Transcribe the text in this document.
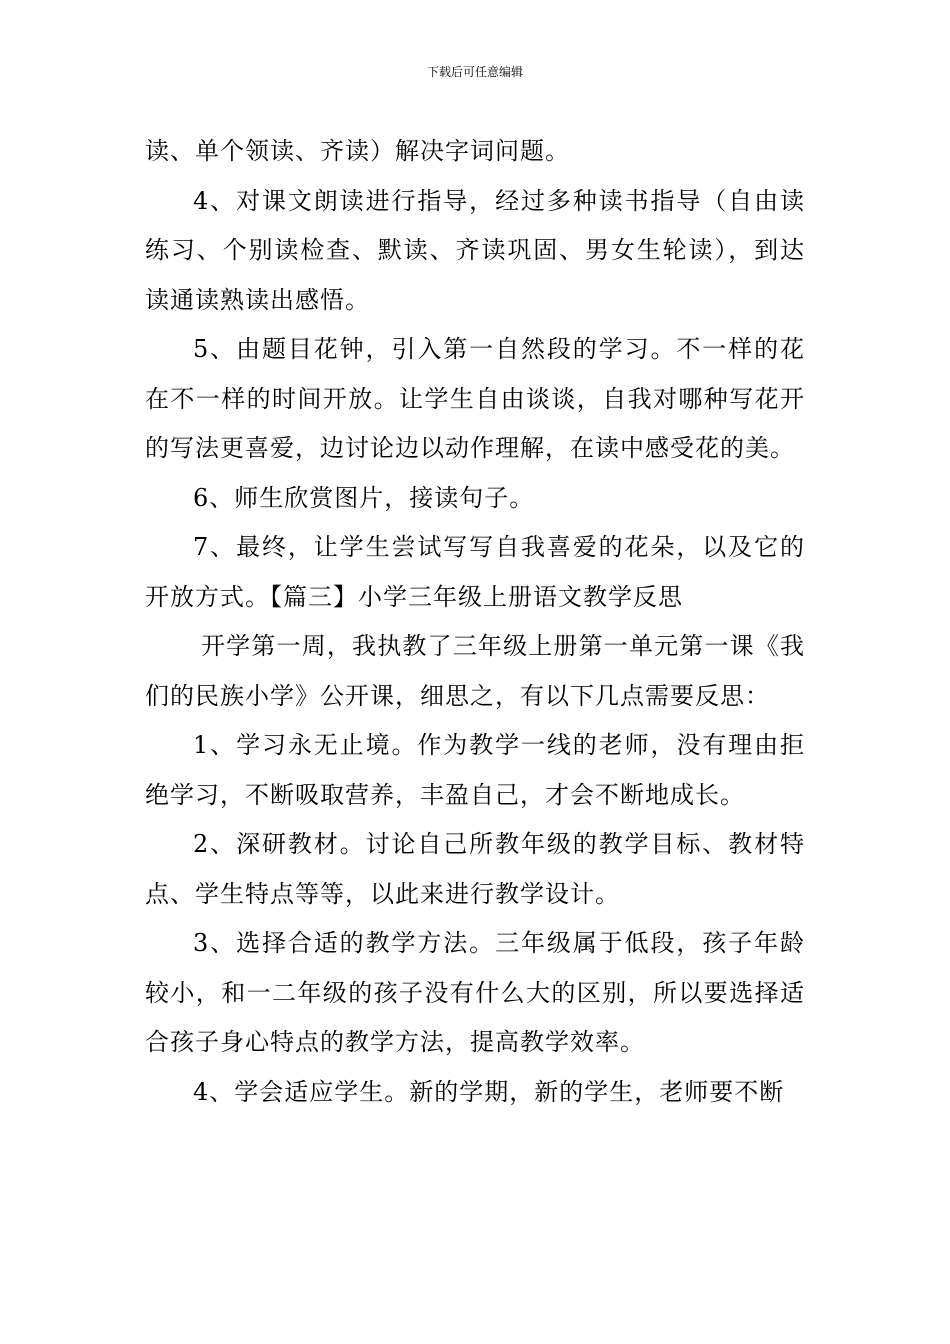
下载后可任意编辑

读、单个领读、齐读）解决字词问题。

4、对课文朗读进行指导，经过多种读书指导（自由读练习、个别读检查、默读、齐读巩固、男女生轮读），到达读通读熟读出感悟。

5、由题目花钟，引入第一自然段的学习。不一样的花在不一样的时间开放。让学生自由谈谈，自我对哪种写花开的写法更喜爱，边讨论边以动作理解，在读中感受花的美。

6、师生欣赏图片，接读句子。

7、最终，让学生尝试写写自我喜爱的花朵，以及它的开放方式。【篇三】小学三年级上册语文教学反思

开学第一周，我执教了三年级上册第一单元第一课《我们的民族小学》公开课，细思之，有以下几点需要反思：

1、学习永无止境。作为教学一线的老师，没有理由拒绝学习，不断吸取营养，丰盈自己，才会不断地成长。

2、深研教材。讨论自己所教年级的教学目标、教材特点、学生特点等等，以此来进行教学设计。

3、选择合适的教学方法。三年级属于低段，孩子年龄较小，和一二年级的孩子没有什么大的区别，所以要选择适合孩子身心特点的教学方法，提高教学效率。

4、学会适应学生。新的学期，新的学生，老师要不断
